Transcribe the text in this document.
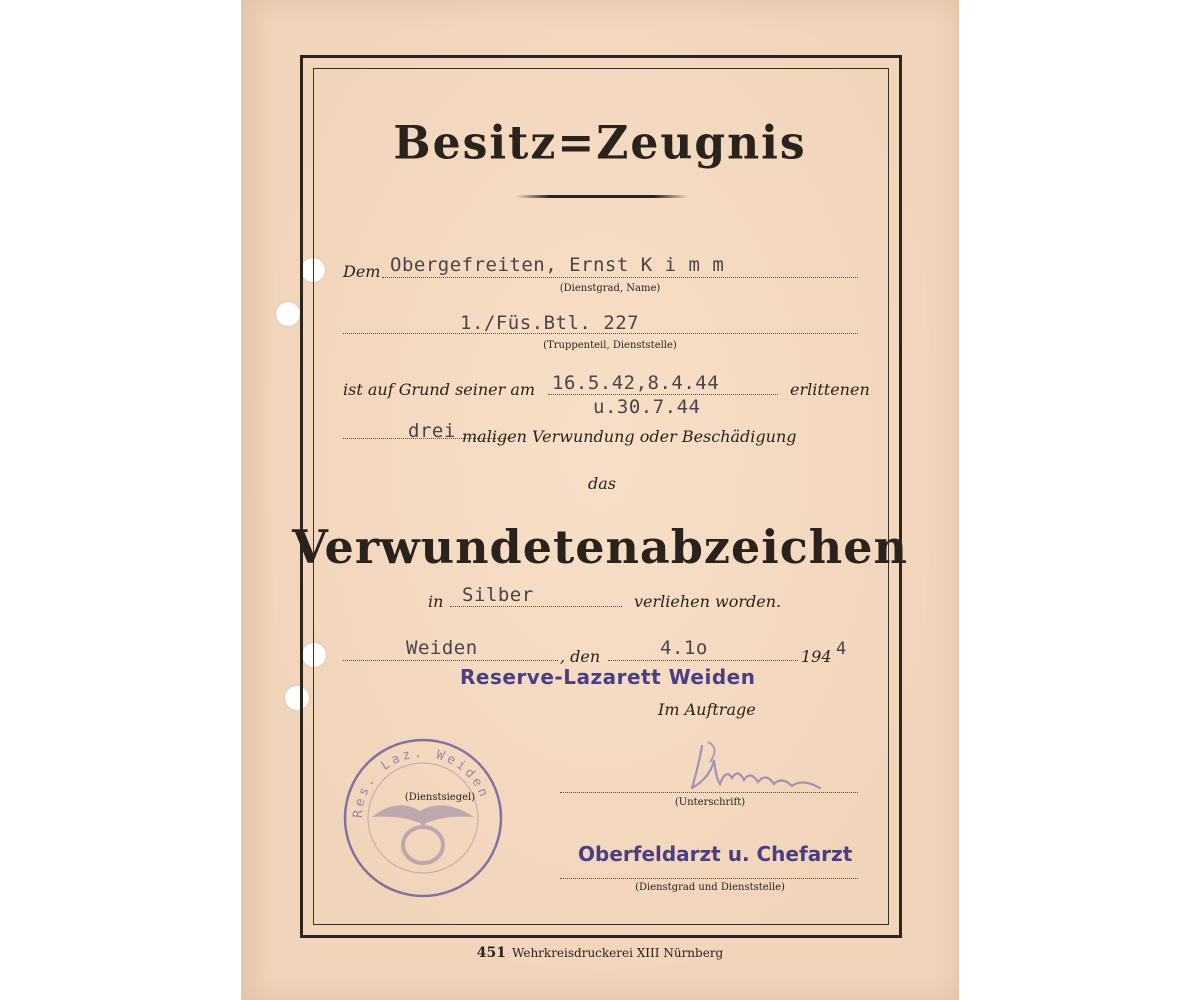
Besitz=Zeugnis
Dem Obergefreiten, Ernst K i m m
(Dienstgrad, Name)
1./Füs.Btl. 227
(Truppenteil, Dienststelle)
ist auf Grund seiner am 16.5.42,8.4.44
u.30.7.44
erlittenen
drei maligen Verwundung oder Beschädigung
das
Verwundetenabzeichen
in Silber	verliehen worden.
Weiden	, den	4.1o	194 4
Reserve-Lazarett Weiden
Im Auftrage
Res. Laz. Weiden
(Dienstsiegel)	(Unterschrift)
Oberfeldarzt u. Chefarzt
(Dienstgrad und Dienststelle)
451 Wehrkreisdruckerei XIII Nürnberg
